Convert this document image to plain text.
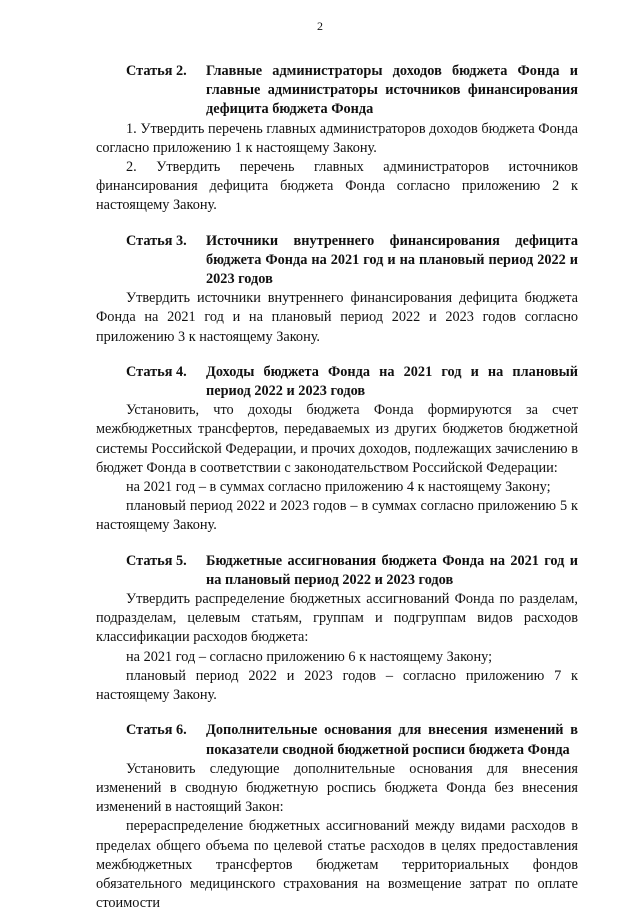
2
Статья 2.	Главные администраторы доходов бюджета Фонда и главные администраторы источников финансирования дефицита бюджета Фонда

1. Утвердить перечень главных администраторов доходов бюджета Фонда согласно приложению 1 к настоящему Закону.

2. Утвердить перечень главных администраторов источников финансирования дефицита бюджета Фонда согласно приложению 2 к настоящему Закону.

Статья 3.	Источники внутреннего финансирования дефицита бюджета Фонда на 2021 год и на плановый период 2022 и 2023 годов

Утвердить источники внутреннего финансирования дефицита бюджета Фонда на 2021 год и на плановый период 2022 и 2023 годов согласно приложению 3 к настоящему Закону.

Статья 4.	Доходы бюджета Фонда на 2021 год и на плановый период 2022 и 2023 годов

Установить, что доходы бюджета Фонда формируются за счет межбюджетных трансфертов, передаваемых из других бюджетов бюджетной системы Российской Федерации, и прочих доходов, подлежащих зачислению в бюджет Фонда в соответствии с законодательством Российской Федерации:

на 2021 год – в суммах согласно приложению 4 к настоящему Закону;

плановый период 2022 и 2023 годов – в суммах согласно приложению 5 к настоящему Закону.

Статья 5.	Бюджетные ассигнования бюджета Фонда на 2021 год и на плановый период 2022 и 2023 годов

Утвердить распределение бюджетных ассигнований Фонда по разделам, подразделам, целевым статьям, группам и подгруппам видов расходов классификации расходов бюджета:

на 2021 год – согласно приложению 6 к настоящему Закону;

плановый период 2022 и 2023 годов – согласно приложению 7 к настоящему Закону.

Статья 6.	Дополнительные основания для внесения изменений в показатели сводной бюджетной росписи бюджета Фонда

Установить следующие дополнительные основания для внесения изменений в сводную бюджетную роспись бюджета Фонда без внесения изменений в настоящий Закон:

перераспределение бюджетных ассигнований между видами расходов в пределах общего объема по целевой статье расходов в целях предоставления межбюджетных трансфертов бюджетам территориальных фондов обязательного медицинского страхования на возмещение затрат по оплате стоимости
